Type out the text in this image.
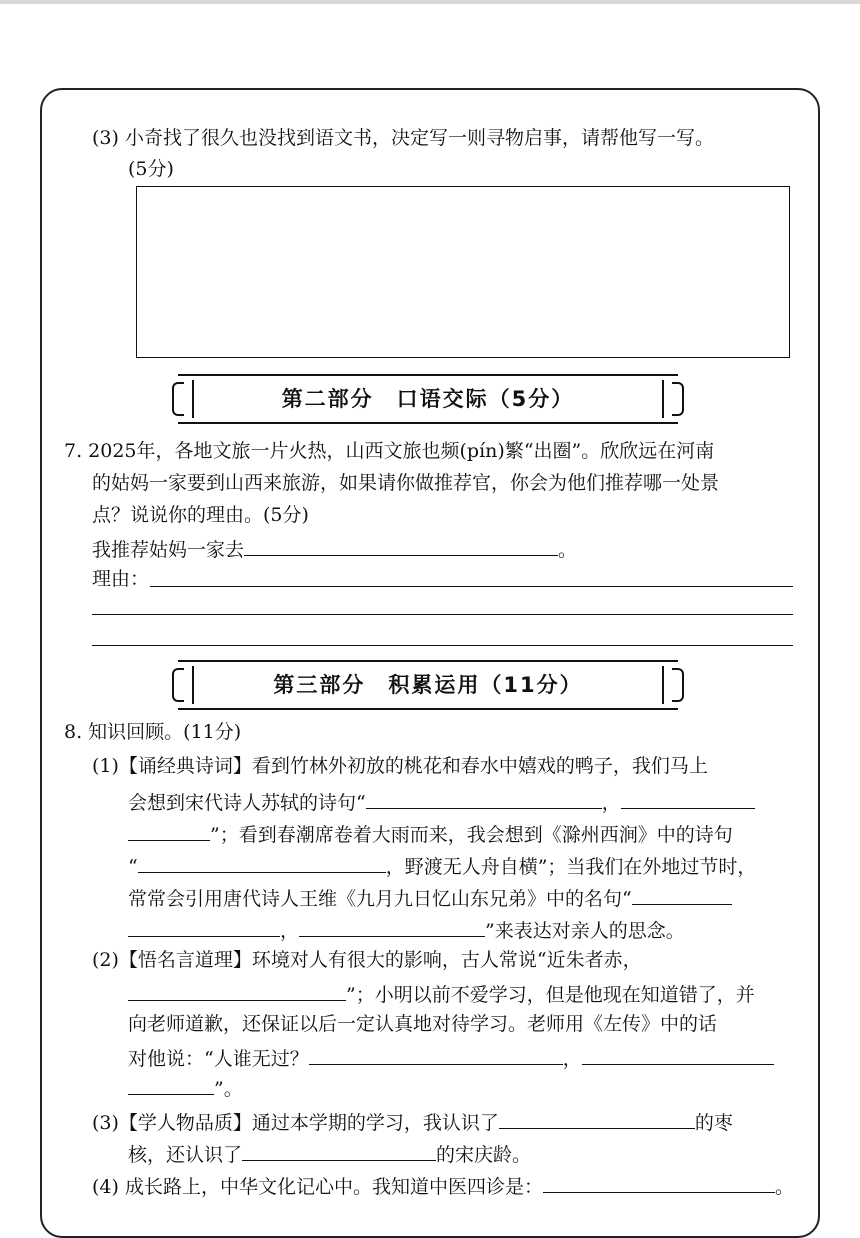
(3) 小奇找了很久也没找到语文书，决定写一则寻物启事，请帮他写一写。
(5分)
第二部分　口语交际（5分）
7. 2025年，各地文旅一片火热，山西文旅也频(pín)繁“出圈”。欣欣远在河南
的姑妈一家要到山西来旅游，如果请你做推荐官，你会为他们推荐哪一处景
点？说说你的理由。(5分)
我推荐姑妈一家去	。
理由：
第三部分　积累运用（11分）
8. 知识回顾。(11分)
(1)【诵经典诗词】看到竹林外初放的桃花和春水中嬉戏的鸭子，我们马上
会想到宋代诗人苏轼的诗句“	，
”；看到春潮席卷着大雨而来，我会想到《滁州西涧》中的诗句
“	，野渡无人舟自横”；当我们在外地过节时，
常常会引用唐代诗人王维《九月九日忆山东兄弟》中的名句“
，	”来表达对亲人的思念。
(2)【悟名言道理】环境对人有很大的影响，古人常说“近朱者赤，
”；小明以前不爱学习，但是他现在知道错了，并
向老师道歉，还保证以后一定认真地对待学习。老师用《左传》中的话
对他说：“人谁无过？	，
”。
(3)【学人物品质】通过本学期的学习，我认识了	的枣
核，还认识了	的宋庆龄。
(4) 成长路上，中华文化记心中。我知道中医四诊是：	。
